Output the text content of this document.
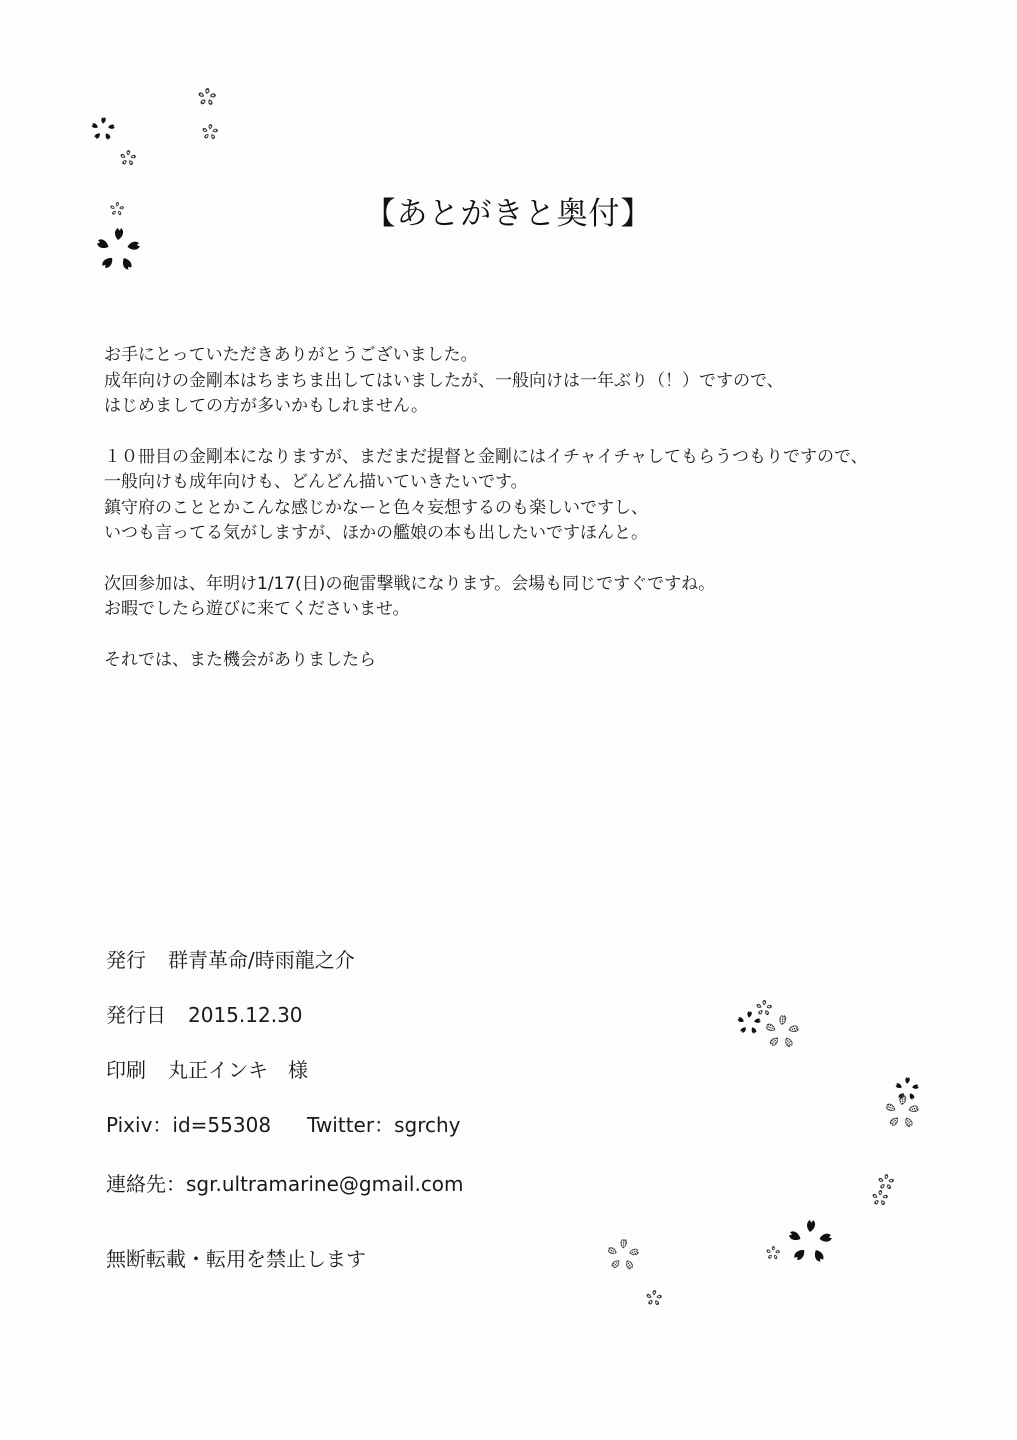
【あとがきと奥付】

お手にとっていただきありがとうございました。
成年向けの金剛本はちまちま出してはいましたが、一般向けは一年ぶり（！）ですので、
はじめましての方が多いかもしれません。

１０冊目の金剛本になりますが、まだまだ提督と金剛にはイチャイチャしてもらうつもりですので、
一般向けも成年向けも、どんどん描いていきたいです。
鎮守府のこととかこんな感じかなーと色々妄想するのも楽しいですし、
いつも言ってる気がしますが、ほかの艦娘の本も出したいですほんと。

次回参加は、年明け1/17(日)の砲雷撃戦になります。会場も同じですぐですね。
お暇でしたら遊びに来てくださいませ。

それでは、また機会がありましたら

発行 群青革命/時雨龍之介
発行日 2015.12.30
印刷 丸正インキ　様
Pixiv：id=55308 Twitter：sgrchy
連絡先：sgr.ultramarine@gmail.com
無断転載・転用を禁止します
